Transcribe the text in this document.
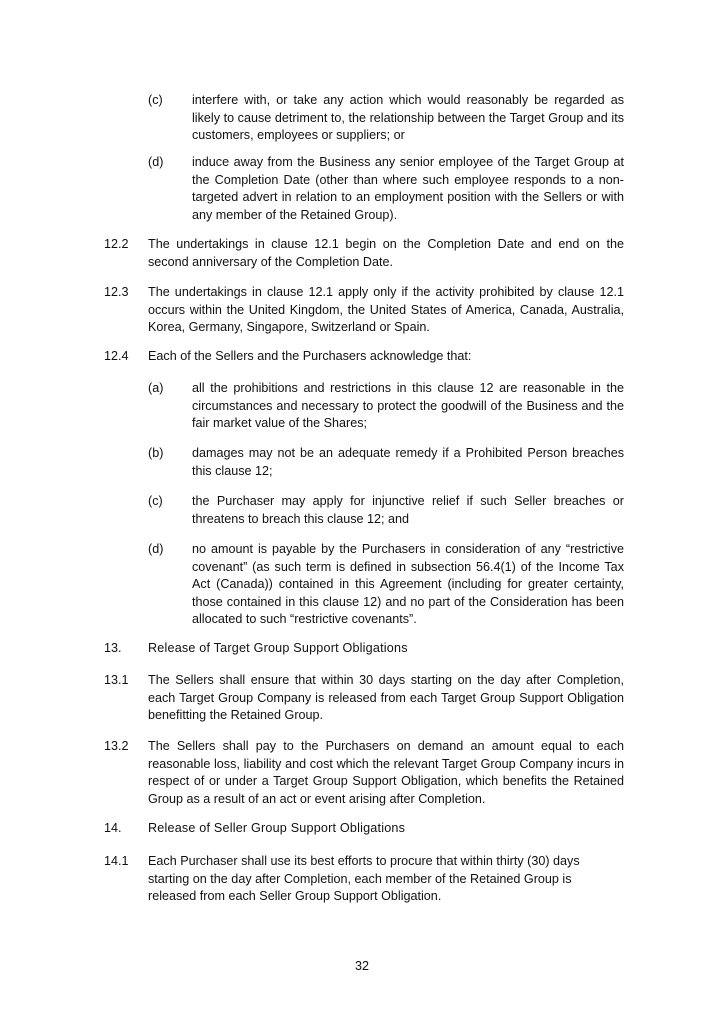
(c)	interfere with, or take any action which would reasonably be regarded as likely to cause detriment to, the relationship between the Target Group and its customers, employees or suppliers; or
(d)	induce away from the Business any senior employee of the Target Group at the Completion Date (other than where such employee responds to a non-targeted advert in relation to an employment position with the Sellers or with any member of the Retained Group).
12.2	The undertakings in clause 12.1 begin on the Completion Date and end on the second anniversary of the Completion Date.
12.3	The undertakings in clause 12.1 apply only if the activity prohibited by clause 12.1 occurs within the United Kingdom, the United States of America, Canada, Australia, Korea, Germany, Singapore, Switzerland or Spain.
12.4	Each of the Sellers and the Purchasers acknowledge that:
(a)	all the prohibitions and restrictions in this clause 12 are reasonable in the circumstances and necessary to protect the goodwill of the Business and the fair market value of the Shares;
(b)	damages may not be an adequate remedy if a Prohibited Person breaches this clause 12;
(c)	the Purchaser may apply for injunctive relief if such Seller breaches or threatens to breach this clause 12; and
(d)	no amount is payable by the Purchasers in consideration of any “restrictive covenant” (as such term is defined in subsection 56.4(1) of the Income Tax Act (Canada)) contained in this Agreement (including for greater certainty, those contained in this clause 12) and no part of the Consideration has been allocated to such “restrictive covenants”.
13.	Release of Target Group Support Obligations
13.1	The Sellers shall ensure that within 30 days starting on the day after Completion, each Target Group Company is released from each Target Group Support Obligation benefitting the Retained Group.
13.2	The Sellers shall pay to the Purchasers on demand an amount equal to each reasonable loss, liability and cost which the relevant Target Group Company incurs in respect of or under a Target Group Support Obligation, which benefits the Retained Group as a result of an act or event arising after Completion.
14.	Release of Seller Group Support Obligations
14.1	Each Purchaser shall use its best efforts to procure that within thirty (30) days starting on the day after Completion, each member of the Retained Group is released from each Seller Group Support Obligation.
32
